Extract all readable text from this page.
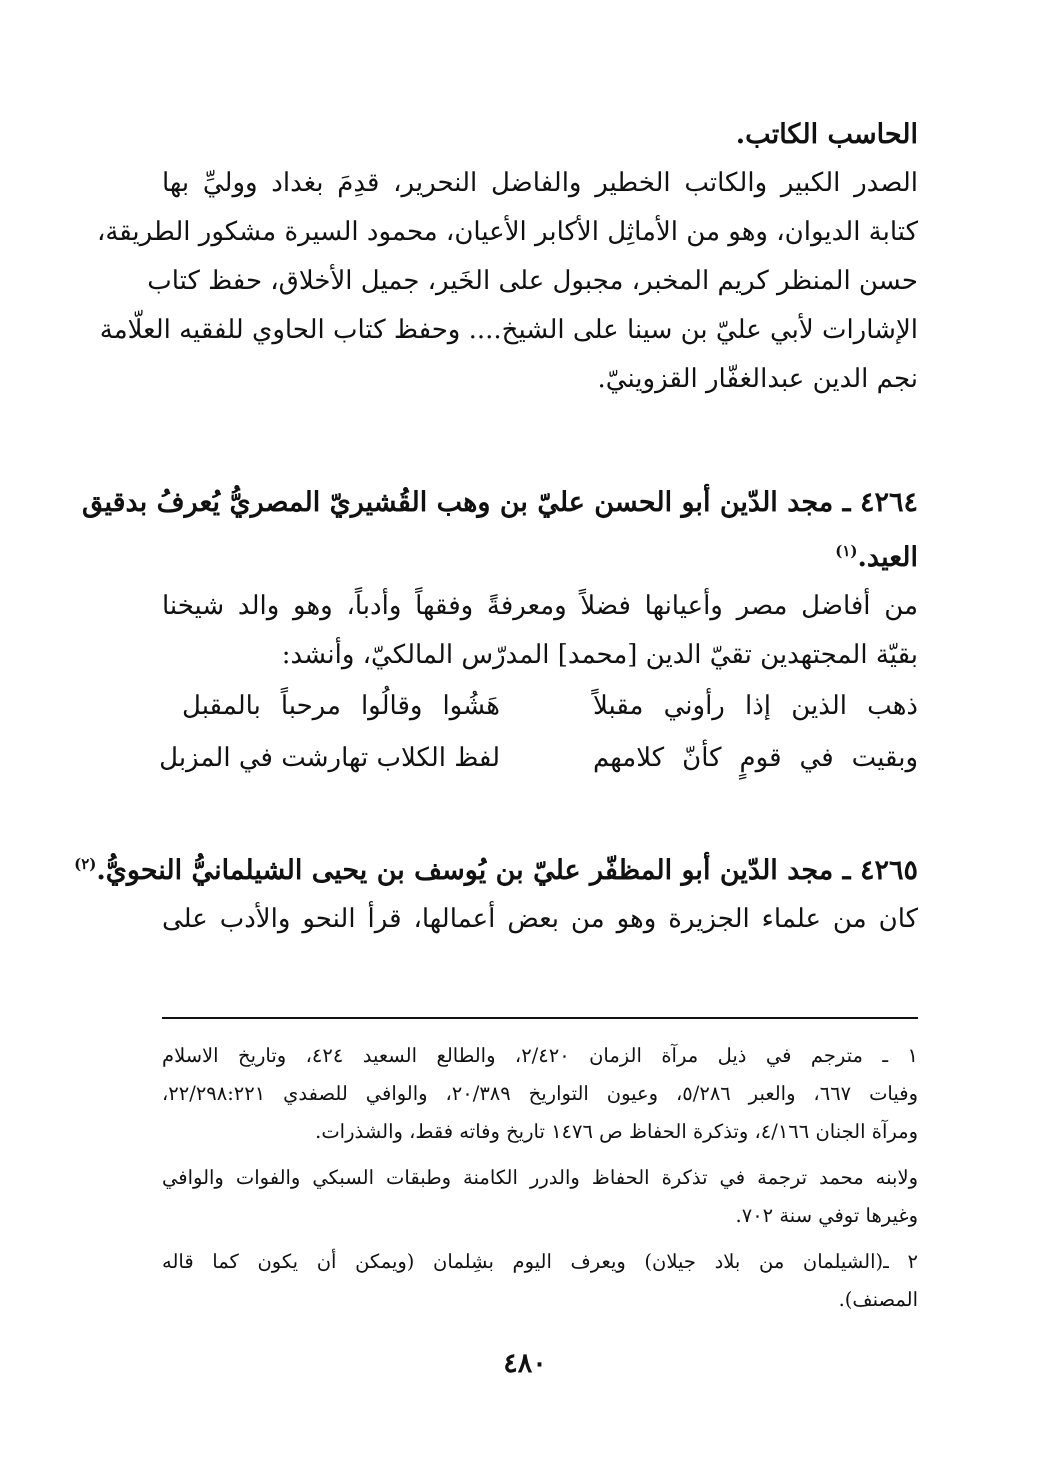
الحاسب الكاتب.
الصدر الكبير والكاتب الخطير والفاضل النحرير، قدِمَ بغداد ووليِّ بها
كتابة الديوان، وهو من الأماثِل الأكابر الأعيان، محمود السيرة مشكور الطريقة،
حسن المنظر كريم المخبر، مجبول على الخَير، جميل الأخلاق، حفظ كتاب
الإشارات لأبي عليّ بن سينا على الشيخ.... وحفظ كتاب الحاوي للفقيه العلّامة
نجم الدين عبدالغفّار القزوينيّ.
٤٢٦٤ ـ مجد الدّين أبو الحسن عليّ بن وهب القُشيريّ المصريُّ يُعرفُ بدقيق
العيد.$^{(١)}$
من أفاضل مصر وأعيانها فضلاً ومعرفةً وفقهاً وأدباً، وهو والد شيخنا
بقيّة المجتهدين تقيّ الدين [محمد] المدرّس المالكيّ، وأنشد:
ذهب الذين إذا رأوني مقبلاً
هَشُوا وقالُوا مرحباً بالمقبل
وبقيت في قومٍ كأنّ كلامهم
لفظ الكلاب تهارشت في المزبل
٤٢٦٥ ـ مجد الدّين أبو المظفّر عليّ بن يُوسف بن يحيى الشيلمانيُّ النحويُّ.$^{(٢)}$
كان من علماء الجزيرة وهو من بعض أعمالها، قرأ النحو والأدب على
١ ـ مترجم في ذيل مرآة الزمان ٢/٤٢٠، والطالع السعيد ٤٢٤، وتاريخ الاسلام
وفيات ٦٦٧، والعبر ٥/٢٨٦، وعيون التواريخ ٢٠/٣٨٩، والوافي للصفدي ٢٢/٢٩٨:٢٢١،
ومرآة الجنان ٤/١٦٦، وتذكرة الحفاظ ص ١٤٧٦ تاريخ وفاته فقط، والشذرات.
ولابنه محمد ترجمة في تذكرة الحفاظ والدرر الكامنة وطبقات السبكي والفوات والوافي
وغيرها توفي سنة ٧٠٢.
٢ ـ(الشيلمان من بلاد جيلان) ويعرف اليوم بشِلمان (ويمكن أن يكون كما قاله
المصنف).
٤٨٠
